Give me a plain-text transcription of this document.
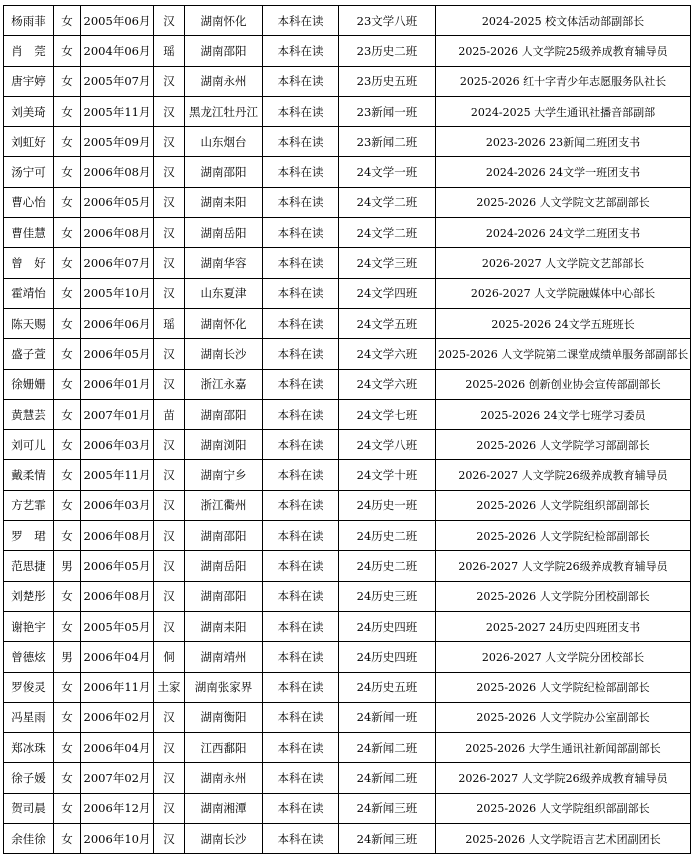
杨雨菲	女	2005年06月	汉	湖南怀化	本科在读	23文学八班	2024-2025 校文体活动部副部长
肖　莞	女	2004年06月	瑶	湖南邵阳	本科在读	23历史二班	2025-2026 人文学院25级养成教育辅导员
唐宇婷	女	2005年07月	汉	湖南永州	本科在读	23历史五班	2025-2026 红十字青少年志愿服务队社长
刘美琦	女	2005年11月	汉	黑龙江牡丹江	本科在读	23新闻一班	2024-2025 大学生通讯社播音部副部
刘虹好	女	2005年09月	汉	山东烟台	本科在读	23新闻二班	2023-2026 23新闻二班团支书
汤宁可	女	2006年08月	汉	湖南邵阳	本科在读	24文学一班	2024-2026 24文学一班团支书
曹心怡	女	2006年05月	汉	湖南耒阳	本科在读	24文学二班	2025-2026 人文学院文艺部副部长
曹佳慧	女	2006年08月	汉	湖南岳阳	本科在读	24文学二班	2024-2026 24文学二班团支书
曾　好	女	2006年07月	汉	湖南华容	本科在读	24文学三班	2026-2027 人文学院文艺部部长
霍靖怡	女	2005年10月	汉	山东夏津	本科在读	24文学四班	2026-2027 人文学院融媒体中心部长
陈天赐	女	2006年06月	瑶	湖南怀化	本科在读	24文学五班	2025-2026 24文学五班班长
盛子萱	女	2006年05月	汉	湖南长沙	本科在读	24文学六班	2025-2026 人文学院第二课堂成绩单服务部副部长
徐姗姗	女	2006年01月	汉	浙江永嘉	本科在读	24文学六班	2025-2026 创新创业协会宣传部副部长
黄慧芸	女	2007年01月	苗	湖南邵阳	本科在读	24文学七班	2025-2026 24文学七班学习委员
刘可儿	女	2006年03月	汉	湖南浏阳	本科在读	24文学八班	2025-2026 人文学院学习部副部长
戴柔情	女	2005年11月	汉	湖南宁乡	本科在读	24文学十班	2026-2027 人文学院26级养成教育辅导员
方艺霏	女	2006年03月	汉	浙江衢州	本科在读	24历史一班	2025-2026 人文学院组织部副部长
罗　珺	女	2006年08月	汉	湖南邵阳	本科在读	24历史二班	2025-2026 人文学院纪检部副部长
范思捷	男	2006年05月	汉	湖南岳阳	本科在读	24历史二班	2026-2027 人文学院26级养成教育辅导员
刘楚彤	女	2006年08月	汉	湖南邵阳	本科在读	24历史三班	2025-2026 人文学院分团校副部长
谢艳宇	女	2005年05月	汉	湖南耒阳	本科在读	24历史四班	2025-2027 24历史四班团支书
曾德炫	男	2006年04月	侗	湖南靖州	本科在读	24历史四班	2026-2027 人文学院分团校部长
罗俊灵	女	2006年11月	土家	湖南张家界	本科在读	24历史五班	2025-2026 人文学院纪检部副部长
冯星雨	女	2006年02月	汉	湖南衡阳	本科在读	24新闻一班	2025-2026 人文学院办公室副部长
郑冰珠	女	2006年04月	汉	江西鄱阳	本科在读	24新闻二班	2025-2026 大学生通讯社新闻部副部长
徐子媛	女	2007年02月	汉	湖南永州	本科在读	24新闻二班	2026-2027 人文学院26级养成教育辅导员
贺司晨	女	2006年12月	汉	湖南湘潭	本科在读	24新闻三班	2025-2026 人文学院组织部副部长
余佳徐	女	2006年10月	汉	湖南长沙	本科在读	24新闻三班	2025-2026 人文学院语言艺术团副团长
